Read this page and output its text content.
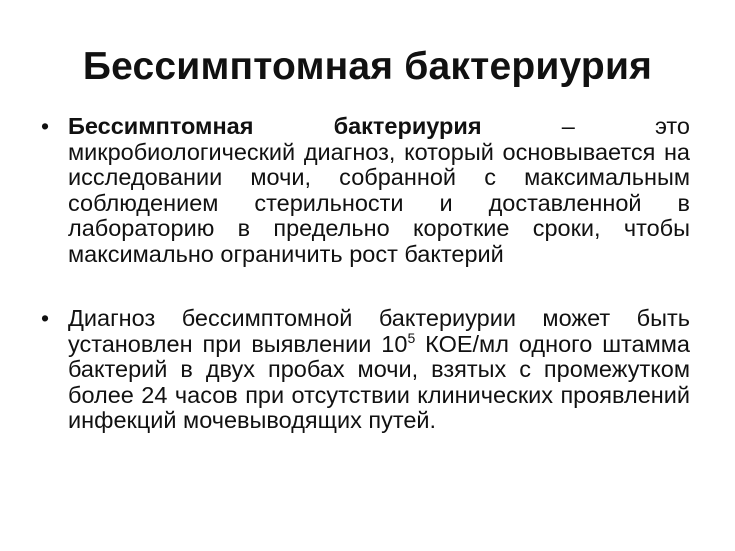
Бессимптомная бактериурия
• Бессимптомная бактериурия – это микробиологический диагноз, который основывается на исследовании мочи, собранной с максимальным соблюдением стерильности и доставленной в лабораторию в предельно короткие сроки, чтобы максимально ограничить рост бактерий
• Диагноз бессимптомной бактериурии может быть установлен при выявлении $10^5$ КОЕ/мл одного штамма бактерий в двух пробах мочи, взятых с промежутком более 24 часов при отсутствии клинических проявлений инфекций мочевыводящих путей.
